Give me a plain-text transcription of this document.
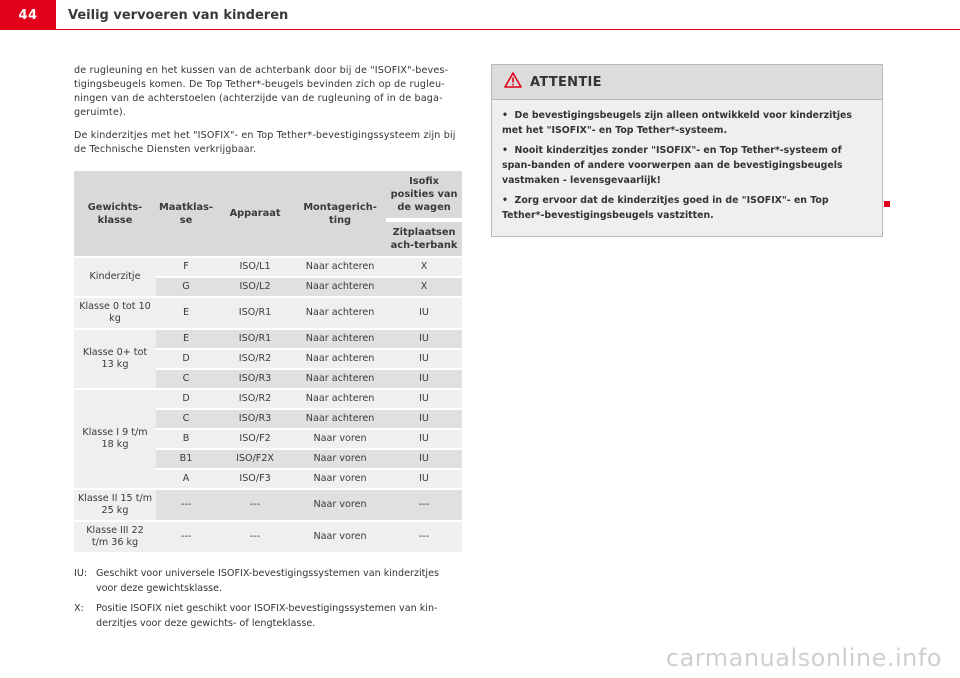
44	Veilig vervoeren van kinderen

de rugleuning en het kussen van de achterbank door bij de "ISOFIX"-beves-tigingsbeugels komen. De Top Tether*-beugels bevinden zich op de rugleu-ningen van de achterstoelen (achterzijde van de rugleuning of in de baga-geruimte).

De kinderzitjes met het "ISOFIX"- en Top Tether*-bevestigingssysteem zijn bij de Technische Diensten verkrijgbaar.

Gewichts-klasse	Maatklas-se	Apparaat	Montagerich-ting	Isofix posities van de wagen
				Zitplaatsen ach-terbank
Kinderzitje	F	ISO/L1	Naar achteren	X
	G	ISO/L2	Naar achteren	X
Klasse 0 tot 10 kg	E	ISO/R1	Naar achteren	IU
Klasse 0+ tot 13 kg	E	ISO/R1	Naar achteren	IU
	D	ISO/R2	Naar achteren	IU
	C	ISO/R3	Naar achteren	IU
Klasse I 9 t/m 18 kg	D	ISO/R2	Naar achteren	IU
	C	ISO/R3	Naar achteren	IU
	B	ISO/F2	Naar voren	IU
	B1	ISO/F2X	Naar voren	IU
	A	ISO/F3	Naar voren	IU
Klasse II 15 t/m 25 kg	---	---	Naar voren	---
Klasse III 22 t/m 36 kg	---	---	Naar voren	---
IU: Geschikt voor universele ISOFIX-bevestigingssystemen van kinderzitjes voor deze gewichtsklasse.
X:	Positie ISOFIX niet geschikt voor ISOFIX-bevestigingssystemen van kin-derzitjes voor deze gewichts- of lengteklasse.
ATTENTIE
• De bevestigingsbeugels zijn alleen ontwikkeld voor kinderzitjes met het "ISOFIX"- en Top Tether*-systeem.
• Nooit kinderzitjes zonder "ISOFIX"- en Top Tether*-systeem of span-banden of andere voorwerpen aan de bevestigingsbeugels vastmaken - levensgevaarlijk!
• Zorg ervoor dat de kinderzitjes goed in de "ISOFIX"- en Top Tether*-bevestigingsbeugels vastzitten.
carmanualsonline.info
